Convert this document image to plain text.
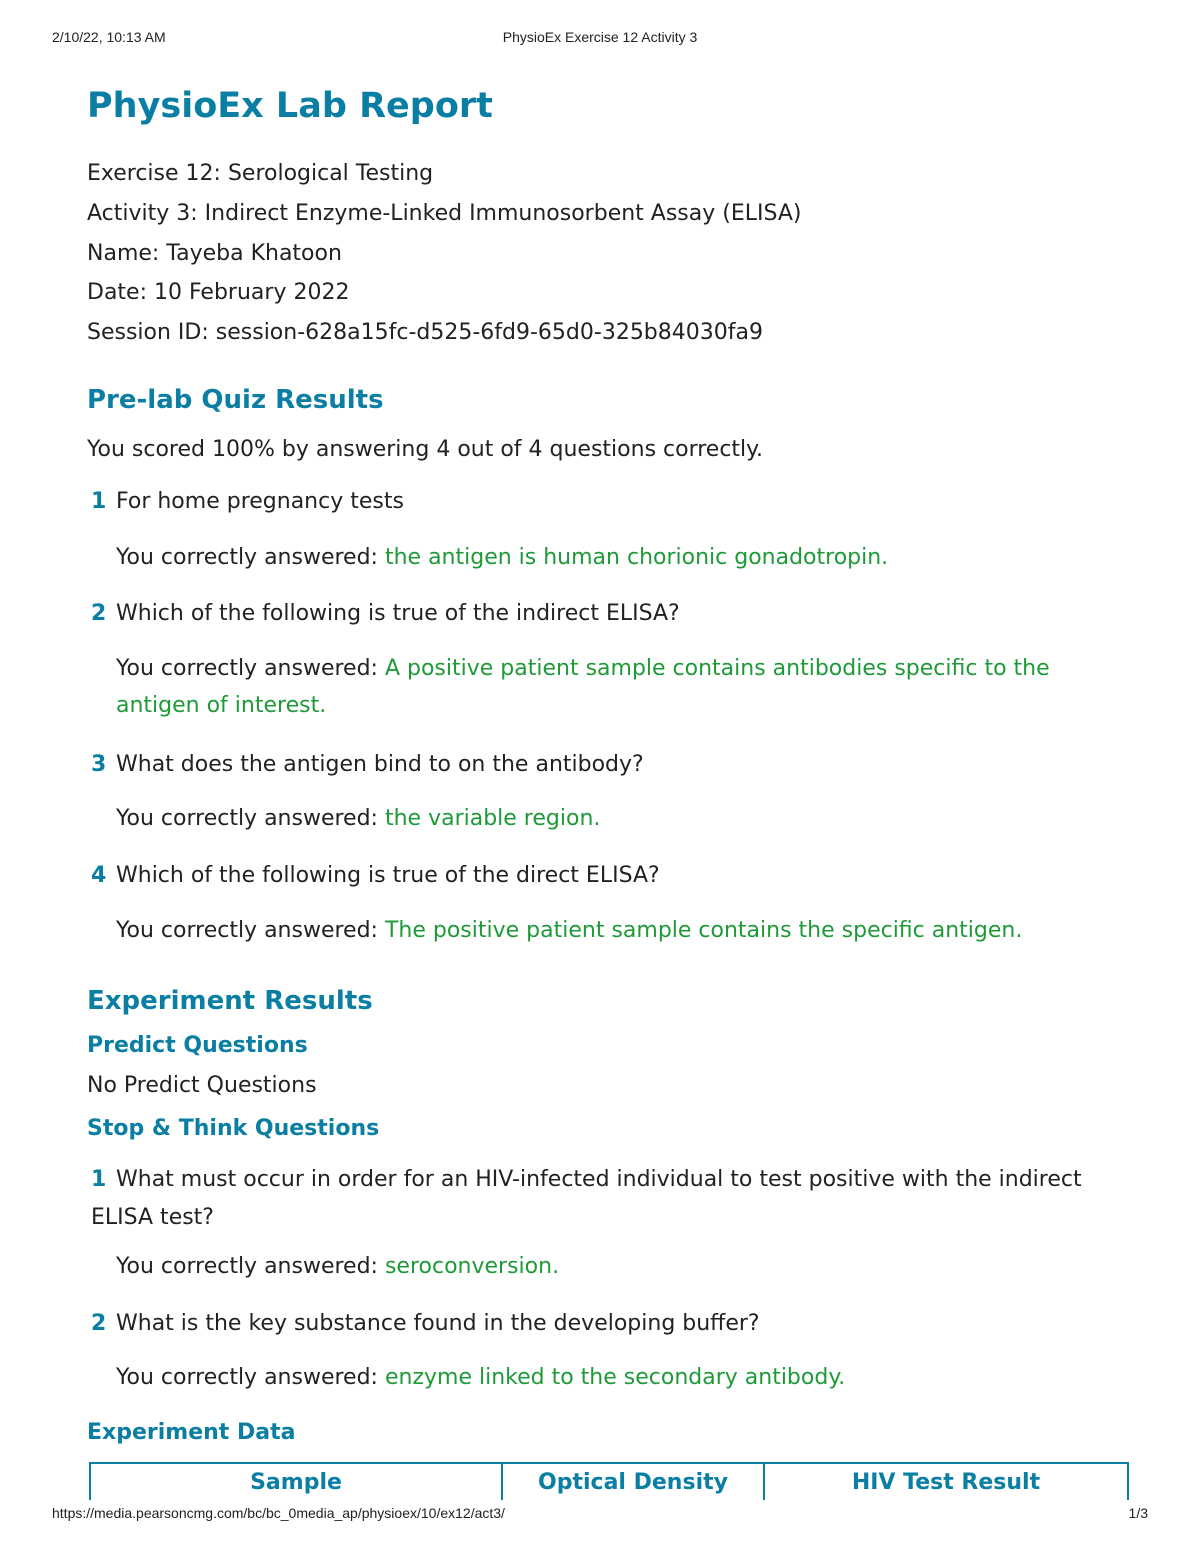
2/10/22, 10:13 AM	PhysioEx Exercise 12 Activity 3
PhysioEx Lab Report
Exercise 12: Serological Testing
Activity 3: Indirect Enzyme-Linked Immunosorbent Assay (ELISA)
Name: Tayeba Khatoon
Date: 10 February 2022
Session ID: session-628a15fc-d525-6fd9-65d0-325b84030fa9
Pre-lab Quiz Results
You scored 100% by answering 4 out of 4 questions correctly.
1 For home pregnancy tests
You correctly answered: the antigen is human chorionic gonadotropin.
2 Which of the following is true of the indirect ELISA?
You correctly answered: A positive patient sample contains antibodies specific to the antigen of interest.
3 What does the antigen bind to on the antibody?
You correctly answered: the variable region.
4 Which of the following is true of the direct ELISA?
You correctly answered: The positive patient sample contains the specific antigen.
Experiment Results
Predict Questions
No Predict Questions
Stop & Think Questions
1 What must occur in order for an HIV-infected individual to test positive with the indirect ELISA test?
You correctly answered: seroconversion.
2 What is the key substance found in the developing buffer?
You correctly answered: enzyme linked to the secondary antibody.
Experiment Data
Sample	Optical Density	HIV Test Result
https://media.pearsoncmg.com/bc/bc_0media_ap/physioex/10/ex12/act3/	1/3
